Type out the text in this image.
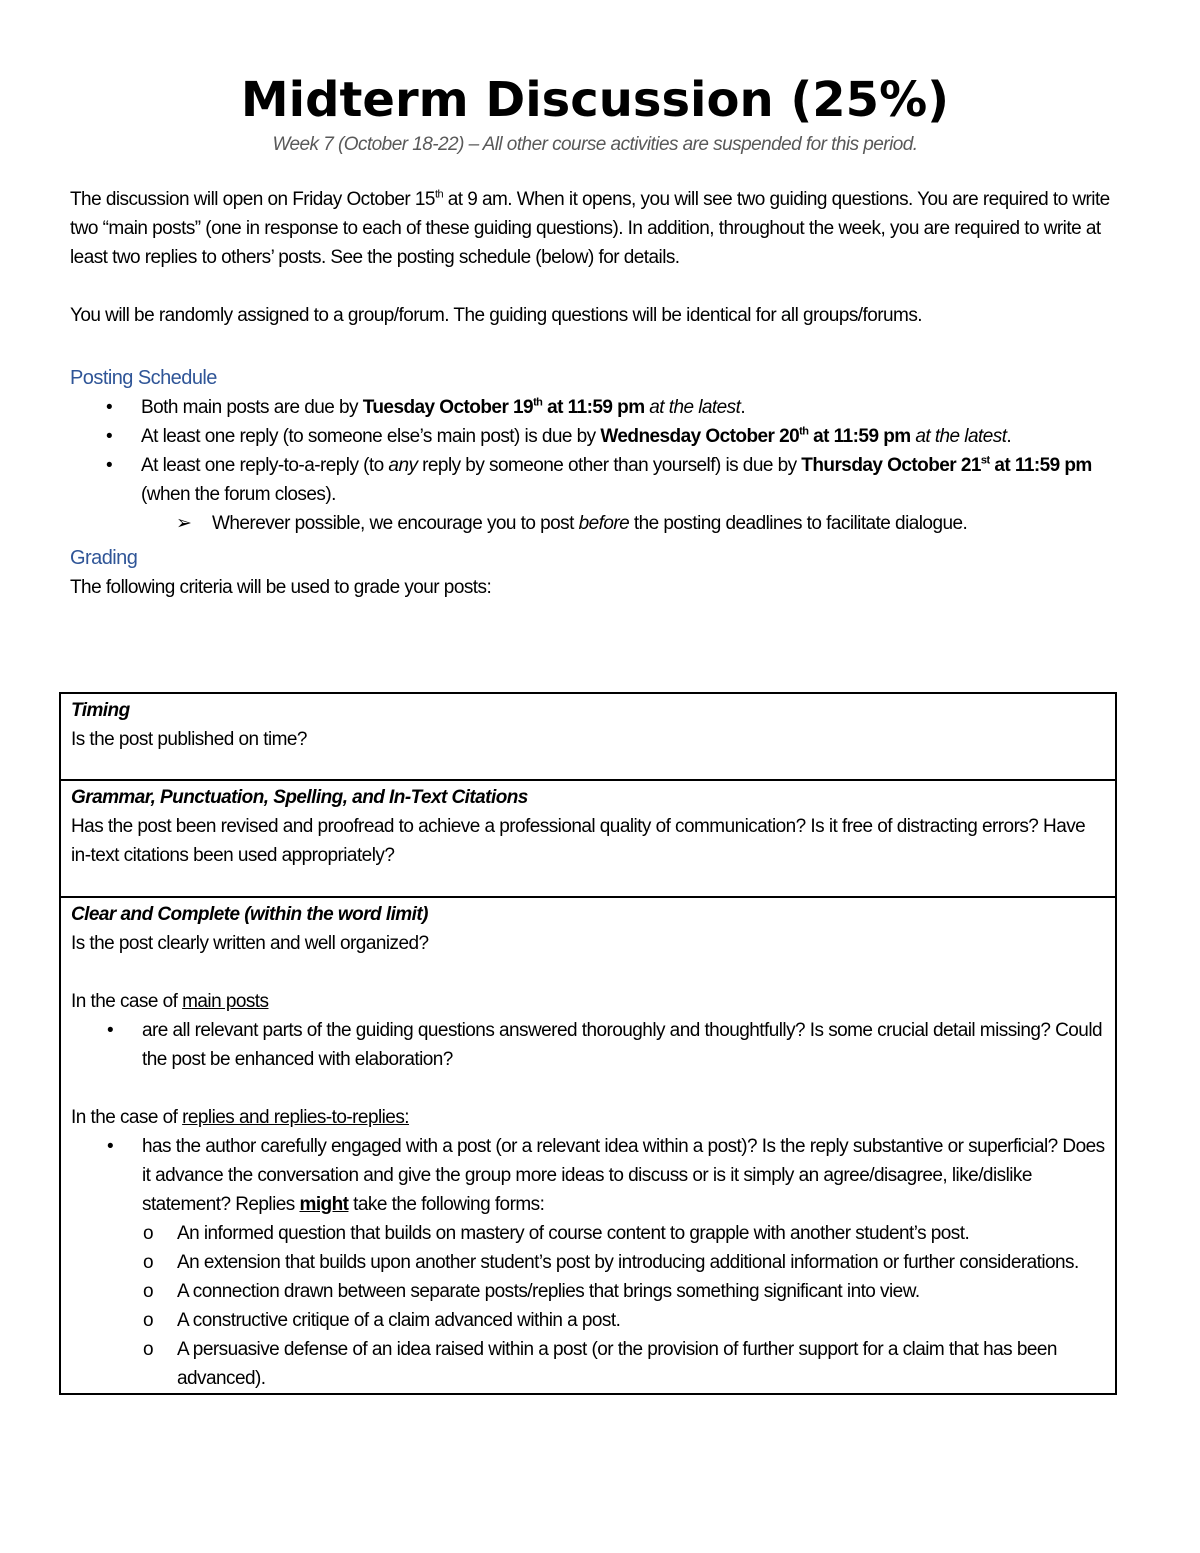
Midterm Discussion (25%)

Week 7 (October 18-22) – All other course activities are suspended for this period.

The discussion will open on Friday October 15th at 9 am. When it opens, you will see two guiding questions. You are required to write two “main posts” (one in response to each of these guiding questions). In addition, throughout the week, you are required to write at least two replies to others’ posts. See the posting schedule (below) for details.

You will be randomly assigned to a group/forum. The guiding questions will be identical for all groups/forums.

Posting Schedule

• Both main posts are due by Tuesday October 19th at 11:59 pm at the latest.
• At least one reply (to someone else’s main post) is due by Wednesday October 20th at 11:59 pm at the latest.
• At least one reply-to-a-reply (to any reply by someone other than yourself) is due by Thursday October 21st at 11:59 pm (when the forum closes).
➢ Wherever possible, we encourage you to post before the posting deadlines to facilitate dialogue.

Grading

The following criteria will be used to grade your posts:

Timing
Is the post published on time?

Grammar, Punctuation, Spelling, and In-Text Citations
Has the post been revised and proofread to achieve a professional quality of communication? Is it free of distracting errors? Have in-text citations been used appropriately?

Clear and Complete (within the word limit)
Is the post clearly written and well organized?
In the case of main posts
• are all relevant parts of the guiding questions answered thoroughly and thoughtfully? Is some crucial detail missing? Could the post be enhanced with elaboration?
In the case of replies and replies-to-replies:
• has the author carefully engaged with a post (or a relevant idea within a post)? Is the reply substantive or superficial? Does it advance the conversation and give the group more ideas to discuss or is it simply an agree/disagree, like/dislike statement? Replies might take the following forms:
o An informed question that builds on mastery of course content to grapple with another student’s post.
o An extension that builds upon another student’s post by introducing additional information or further considerations.
o A connection drawn between separate posts/replies that brings something significant into view.
o A constructive critique of a claim advanced within a post.
o A persuasive defense of an idea raised within a post (or the provision of further support for a claim that has been advanced).
